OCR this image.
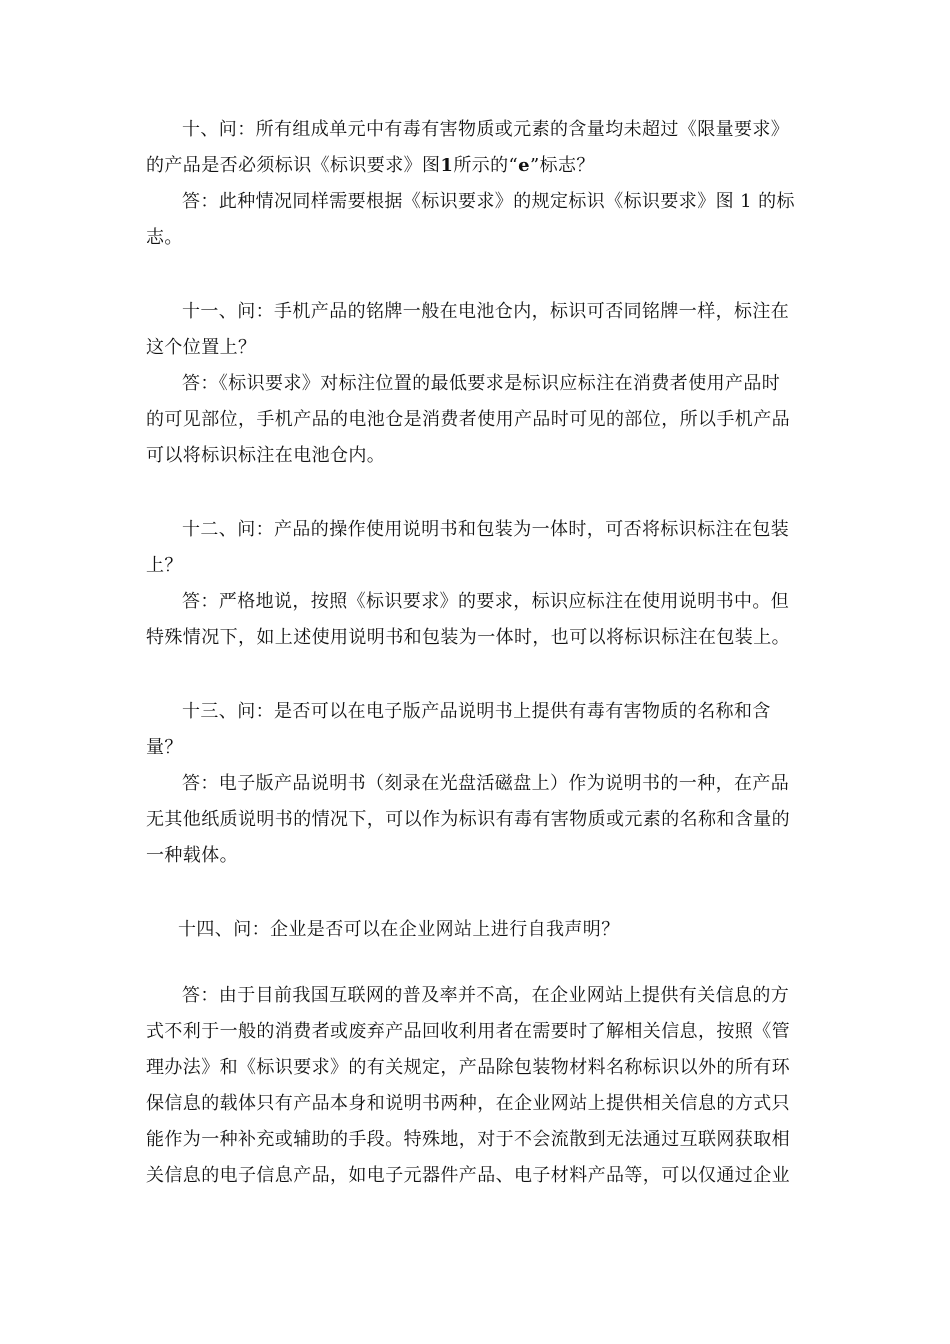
十、问：所有组成单元中有毒有害物质或元素的含量均未超过《限量要求》
的产品是否必须标识《标识要求》图1所示的“e”标志？
答：此种情况同样需要根据《标识要求》的规定标识《标识要求》图 1 的标
志。
十一、问：手机产品的铭牌一般在电池仓内，标识可否同铭牌一样，标注在
这个位置上？
答：《标识要求》对标注位置的最低要求是标识应标注在消费者使用产品时
的可见部位，手机产品的电池仓是消费者使用产品时可见的部位，所以手机产品
可以将标识标注在电池仓内。
十二、问：产品的操作使用说明书和包装为一体时，可否将标识标注在包装
上？
答：严格地说，按照《标识要求》的要求，标识应标注在使用说明书中。但
特殊情况下，如上述使用说明书和包装为一体时，也可以将标识标注在包装上。
十三、问：是否可以在电子版产品说明书上提供有毒有害物质的名称和含
量？
答：电子版产品说明书（刻录在光盘活磁盘上）作为说明书的一种，在产品
无其他纸质说明书的情况下，可以作为标识有毒有害物质或元素的名称和含量的
一种载体。
十四、问：企业是否可以在企业网站上进行自我声明？
答：由于目前我国互联网的普及率并不高，在企业网站上提供有关信息的方
式不利于一般的消费者或废弃产品回收利用者在需要时了解相关信息，按照《管
理办法》和《标识要求》的有关规定，产品除包装物材料名称标识以外的所有环
保信息的载体只有产品本身和说明书两种，在企业网站上提供相关信息的方式只
能作为一种补充或辅助的手段。特殊地，对于不会流散到无法通过互联网获取相
关信息的电子信息产品，如电子元器件产品、电子材料产品等，可以仅通过企业
